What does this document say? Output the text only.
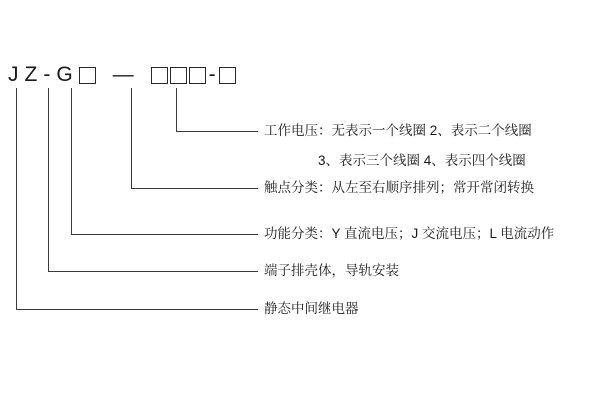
J Z - G —	-
工作电压：无表示一个线圈 2、表示二个线圈
3、表示三个线圈 4、表示四个线圈
触点分类：从左至右顺序排列；常开常闭转换
功能分类：Y 直流电压；J 交流电压；L 电流动作
端子排壳体，导轨安装
静态中间继电器
